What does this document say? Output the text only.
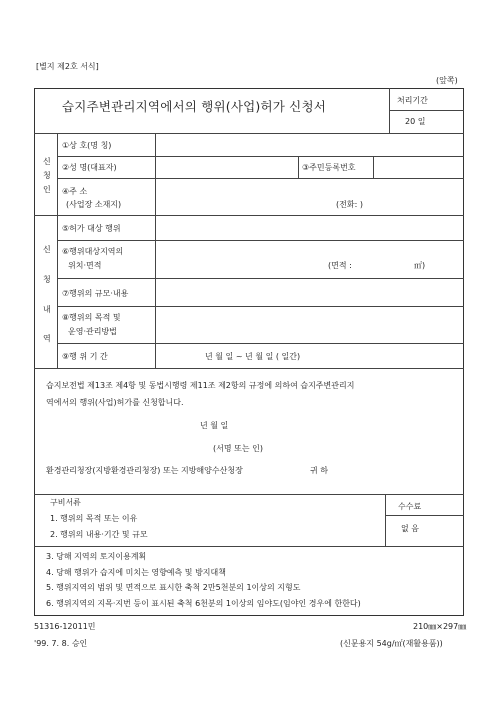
[별지 제2호 서식]
(앞쪽)
습지주변관리지역에서의 행위(사업)허가 신청서	처리기간
20 일
신
청
인
①상 호(명 칭)
②성 명(대표자)	③주민등록번호
④주 소
(사업장 소재지)	(전화: )
신
청
내
역
⑤허가 대상 행위
⑥행위대상지역의
위치·면적	(면적 :	㎡)
⑦행위의 규모·내용
⑧행위의 목적 및
운영·관리방법
⑨행 위 기 간	년 월 일 ~ 년 월 일 ( 일간)
습지보전법 제13조 제4항 및 동법시행령 제11조 제2항의 규정에 의하여 습지주변관리지
역에서의 행위(사업)허가를 신청합니다.
년 월 일
(서명 또는 인)
환경관리청장(지방환경관리청장) 또는 지방해양수산청장	귀 하
구비서류
1. 행위의 목적 또는 이유
2. 행위의 내용·기간 및 규모
수수료
없 음
3. 당해 지역의 토지이용계획
4. 당해 행위가 습지에 미치는 영향예측 및 방지대책
5. 행위지역의 범위 및 면적으로 표시한 축척 2만5천분의 1이상의 지형도
6. 행위지역의 지목·지번 등이 표시된 축척 6천분의 1이상의 임야도(임야인 경우에 한한다)
51316-12011민	210㎜×297㎜
'99. 7. 8. 승인	(신문용지 54g/㎡(재활용품))
